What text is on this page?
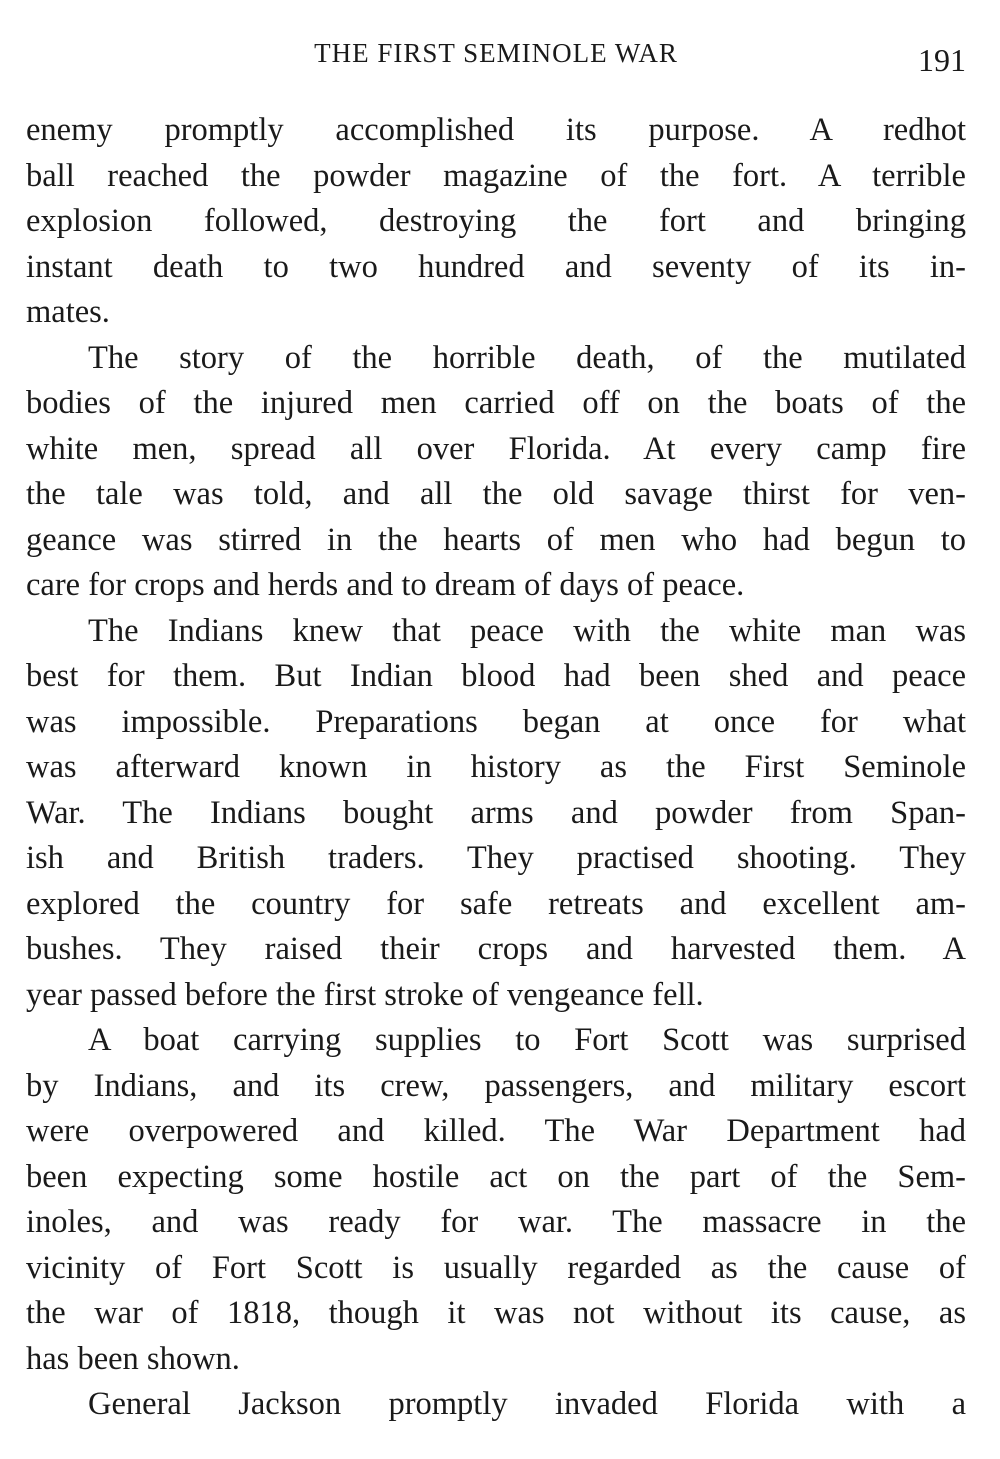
THE FIRST SEMINOLE WAR	191

enemy promptly accomplished its purpose. A redhot
ball reached the powder magazine of the fort. A terrible
explosion followed, destroying the fort and bringing
instant death to two hundred and seventy of its in-
mates.

The story of the horrible death, of the mutilated
bodies of the injured men carried off on the boats of the
white men, spread all over Florida. At every camp fire
the tale was told, and all the old savage thirst for ven-
geance was stirred in the hearts of men who had begun to
care for crops and herds and to dream of days of peace.

The Indians knew that peace with the white man was
best for them. But Indian blood had been shed and peace
was impossible. Preparations began at once for what
was afterward known in history as the First Seminole
War. The Indians bought arms and powder from Span-
ish and British traders. They practised shooting. They
explored the country for safe retreats and excellent am-
bushes. They raised their crops and harvested them. A
year passed before the first stroke of vengeance fell.

A boat carrying supplies to Fort Scott was surprised
by Indians, and its crew, passengers, and military escort
were overpowered and killed. The War Department had
been expecting some hostile act on the part of the Sem-
inoles, and was ready for war. The massacre in the
vicinity of Fort Scott is usually regarded as the cause of
the war of 1818, though it was not without its cause, as
has been shown.

General Jackson promptly invaded Florida with a
